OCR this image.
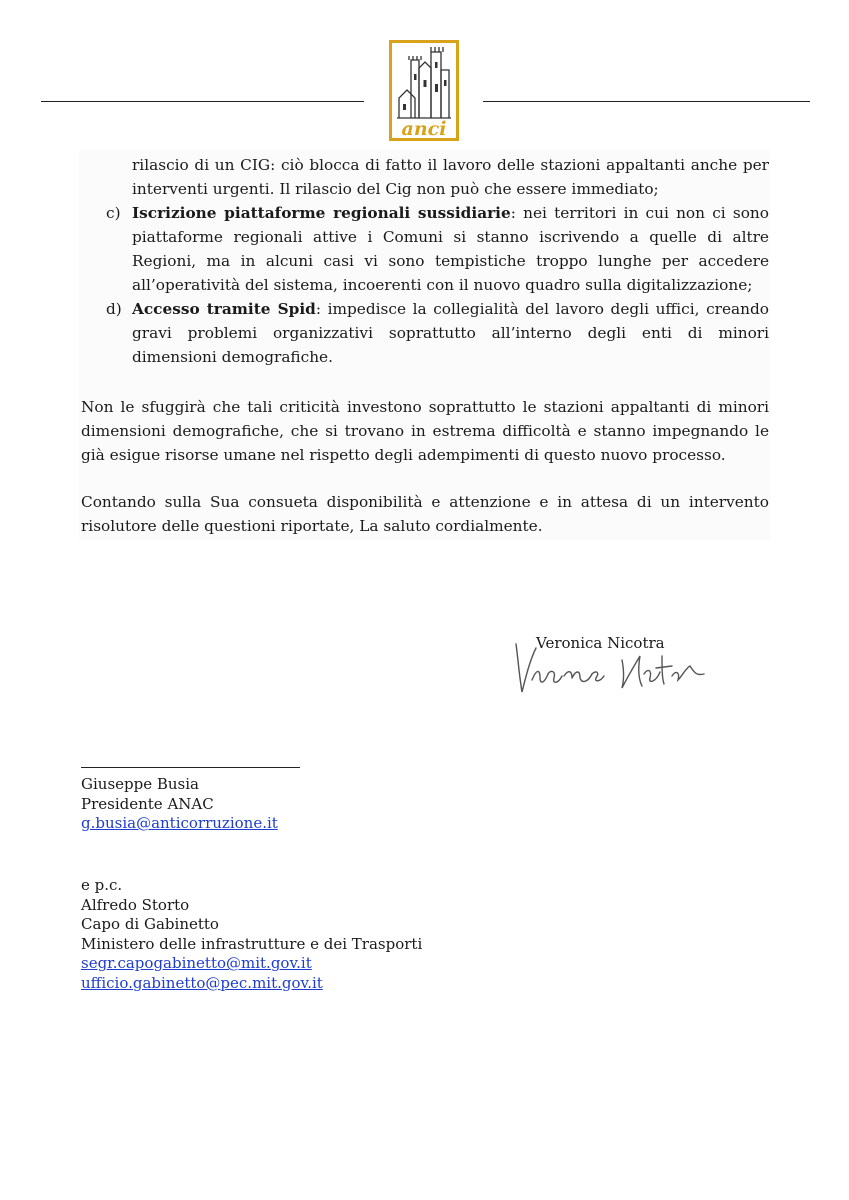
anci
rilascio di un CIG: ciò blocca di fatto il lavoro delle stazioni appaltanti anche per interventi urgenti. Il rilascio del Cig non può che essere immediato;
c) Iscrizione piattaforme regionali sussidiarie: nei territori in cui non ci sono piattaforme regionali attive i Comuni si stanno iscrivendo a quelle di altre Regioni, ma in alcuni casi vi sono tempistiche troppo lunghe per accedere all’operatività del sistema, incoerenti con il nuovo quadro sulla digitalizzazione;
d) Accesso tramite Spid: impedisce la collegialità del lavoro degli uffici, creando gravi problemi organizzativi soprattutto all’interno degli enti di minori dimensioni demografiche.
Non le sfuggirà che tali criticità investono soprattutto le stazioni appaltanti di minori dimensioni demografiche, che si trovano in estrema difficoltà e stanno impegnando le già esigue risorse umane nel rispetto degli adempimenti di questo nuovo processo.
Contando sulla Sua consueta disponibilità e attenzione e in attesa di un intervento risolutore delle questioni riportate, La saluto cordialmente.
Veronica Nicotra
Giuseppe Busia
Presidente ANAC
g.busia@anticorruzione.it
e p.c.
Alfredo Storto
Capo di Gabinetto
Ministero delle infrastrutture e dei Trasporti
segr.capogabinetto@mit.gov.it
ufficio.gabinetto@pec.mit.gov.it
